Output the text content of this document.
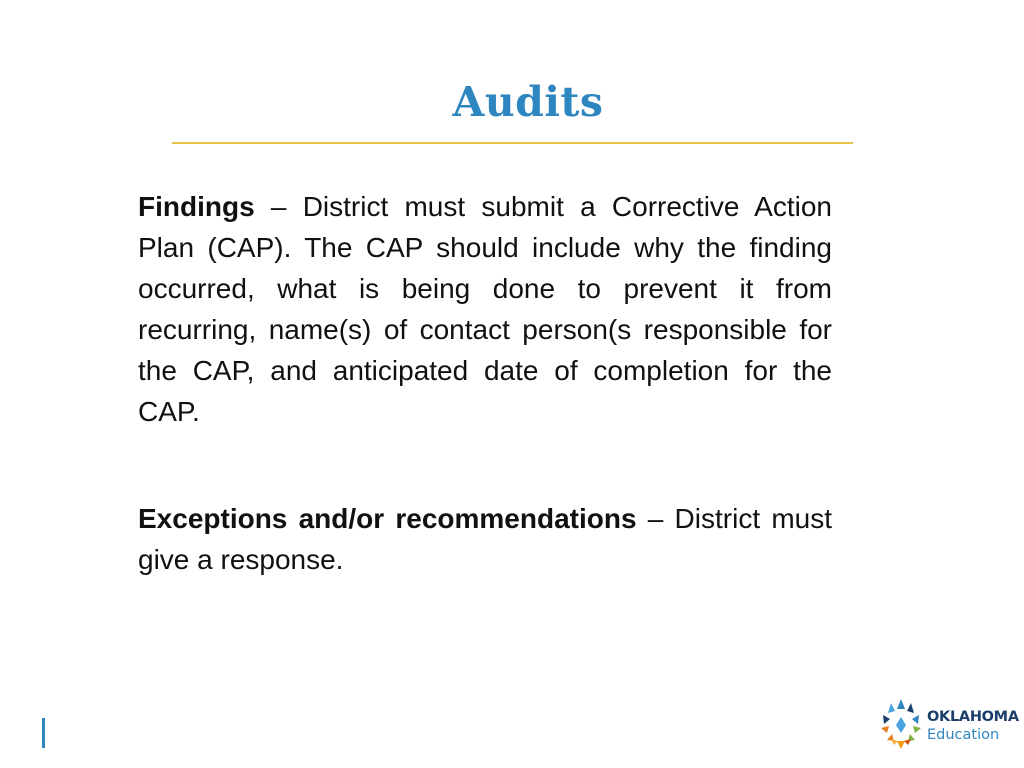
Audits
Findings – District must submit a Corrective Action Plan (CAP). The CAP should include why the finding occurred, what is being done to prevent it from recurring, name(s) of contact person(s responsible for the CAP, and anticipated date of completion for the CAP.
Exceptions and/or recommendations – District must give a response.
OKLAHOMA
Education
